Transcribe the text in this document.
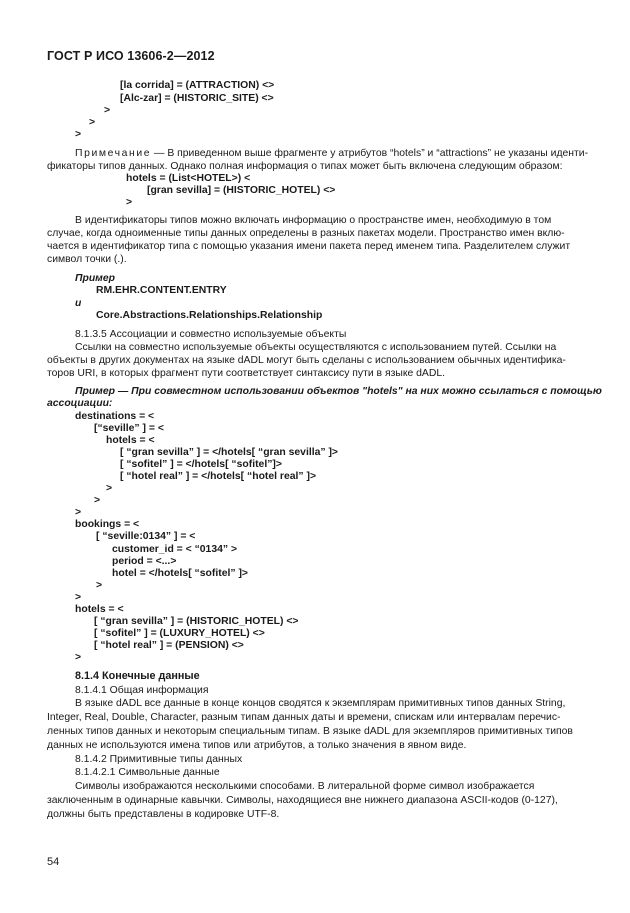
ГОСТ Р ИСО 13606-2—2012
[la corrida] = (ATTRACTION) <>
[Alc-zar] = (HISTORIC_SITE) <>
>
>
>
Примечание — В приведенном выше фрагменте у атрибутов “hotels” и “attractions” не указаны иденти-
фикаторы типов данных. Однако полная информация о типах может быть включена следующим образом:
hotels = (List<HOTEL>) <
[gran sevilla] = (HISTORIC_HOTEL) <>
>
В идентификаторы типов можно включать информацию о пространстве имен, необходимую в том
случае, когда одноименные типы данных определены в разных пакетах модели. Пространство имен вклю-
чается в идентификатор типа с помощью указания имени пакета перед именем типа. Разделителем служит
символ точки (.).
Пример
RM.EHR.CONTENT.ENTRY
и
Core.Abstractions.Relationships.Relationship
8.1.3.5 Ассоциации и совместно используемые объекты
Ссылки на совместно используемые объекты осуществляются с использованием путей. Ссылки на
объекты в других документах на языке dADL могут быть сделаны с использованием обычных идентифика-
торов URI, в которых фрагмент пути соответствует синтаксису пути в языке dADL.
Пример — При совместном использовании объектов "hotels" на них можно ссылаться с помощью
ассоциации:
destinations = <
[“seville” ] = <
hotels = <
[ “gran sevilla” ] = </hotels[ “gran sevilla” ]>
[ “sofitel” ] = </hotels[ “sofitel”]>
[ “hotel real” ] = </hotels[ “hotel real” ]>
>
>
>
bookings = <
[ “seville:0134” ] = <
customer_id = < “0134” >
period = <...>
hotel = </hotels[ “sofitel” ]>
>
>
hotels = <
[ “gran sevilla” ] = (HISTORIC_HOTEL) <>
[ “sofitel” ] = (LUXURY_HOTEL) <>
[ “hotel real” ] = (PENSION) <>
>
8.1.4 Конечные данные
8.1.4.1 Общая информация
В языке dADL все данные в конце концов сводятся к экземплярам примитивных типов данных String,
Integer, Real, Double, Character, разным типам данных даты и времени, спискам или интервалам перечис-
ленных типов данных и некоторым специальным типам. В языке dADL для экземпляров примитивных типов
данных не используются имена типов или атрибутов, а только значения в явном виде.
8.1.4.2 Примитивные типы данных
8.1.4.2.1 Символьные данные
Символы изображаются несколькими способами. В литеральной форме символ изображается
заключенным в одинарные кавычки. Символы, находящиеся вне нижнего диапазона ASCII-кодов (0-127),
должны быть представлены в кодировке UTF-8.
54
